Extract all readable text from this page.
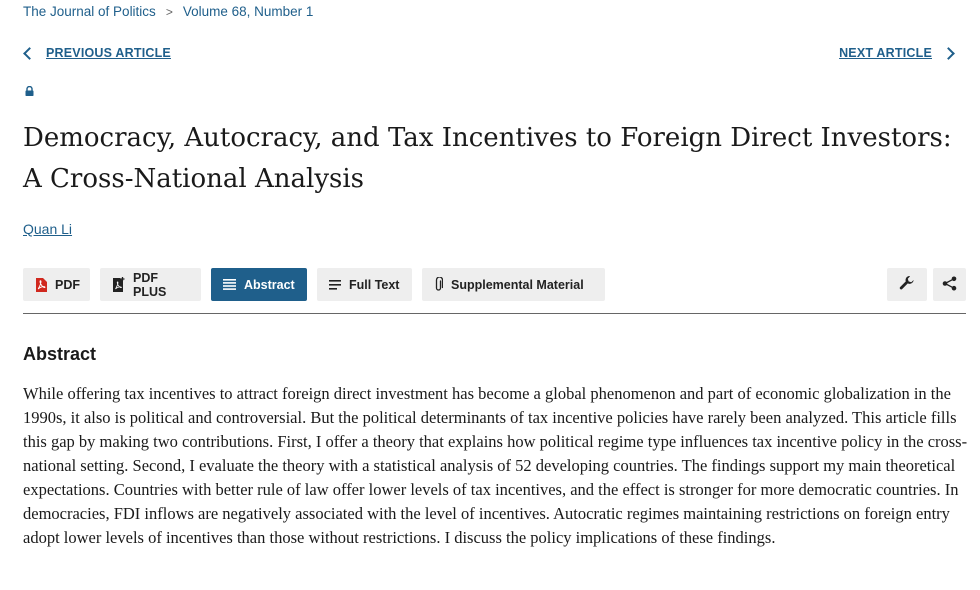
The Journal of Politics > Volume 68, Number 1
PREVIOUS ARTICLE	NEXT ARTICLE
Democracy, Autocracy, and Tax Incentives to Foreign Direct Investors: A Cross-National Analysis
Quan Li
PDF	PDF PLUS	Abstract	Full Text	Supplemental Material
Abstract

While offering tax incentives to attract foreign direct investment has become a global phenomenon and part of economic globalization in the 1990s, it also is political and controversial. But the political determinants of tax incentive policies have rarely been analyzed. This article fills this gap by making two contributions. First, I offer a theory that explains how political regime type influences tax incentive policy in the cross-national setting. Second, I evaluate the theory with a statistical analysis of 52 developing countries. The findings support my main theoretical expectations. Countries with better rule of law offer lower levels of tax incentives, and the effect is stronger for more democratic countries. In democracies, FDI inflows are negatively associated with the level of incentives. Autocratic regimes maintaining restrictions on foreign entry adopt lower levels of incentives than those without restrictions. I discuss the policy implications of these findings.
